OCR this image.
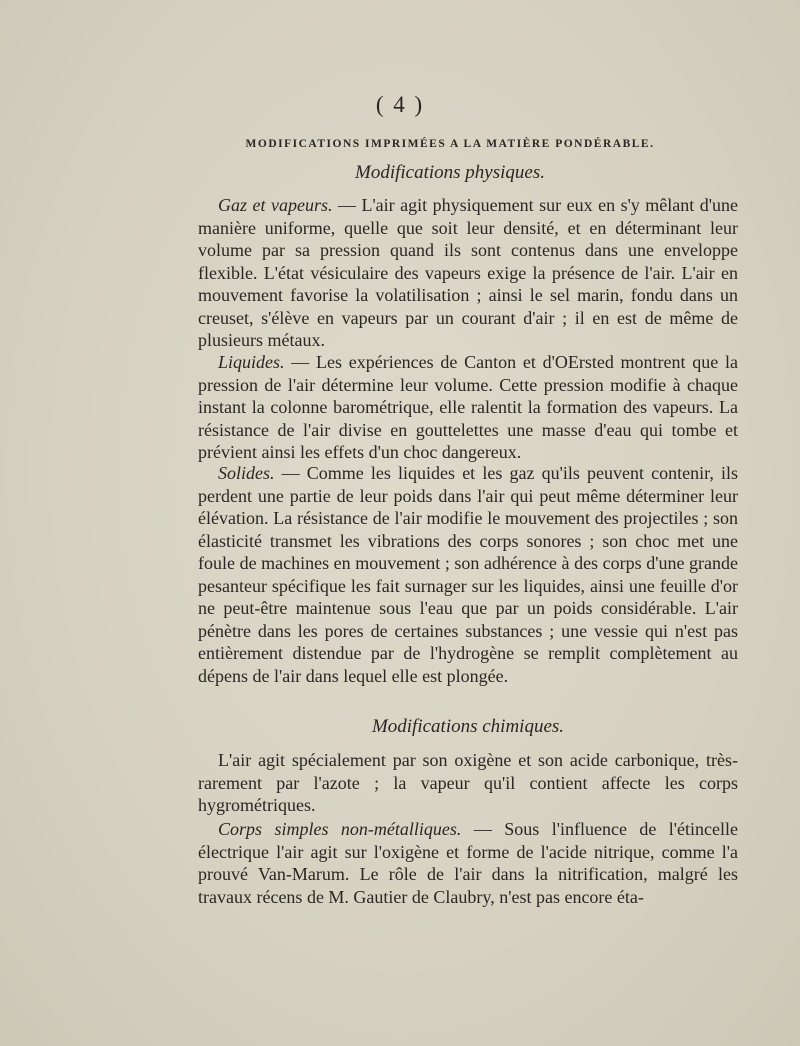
( 4 )
MODIFICATIONS IMPRIMÉES A LA MATIÈRE PONDÉRABLE.
Modifications physiques.

Gaz et vapeurs. — L'air agit physiquement sur eux en s'y mêlant d'une manière uniforme, quelle que soit leur densité, et en déterminant leur volume par sa pression quand ils sont contenus dans une enveloppe flexible. L'état vésiculaire des vapeurs exige la présence de l'air. L'air en mouvement favorise la volatilisation ; ainsi le sel marin, fondu dans un creuset, s'élève en vapeurs par un courant d'air ; il en est de même de plusieurs métaux.

Liquides. — Les expériences de Canton et d'OErsted montrent que la pression de l'air détermine leur volume. Cette pression modifie à chaque instant la colonne barométrique, elle ralentit la formation des vapeurs. La résistance de l'air divise en gouttelettes une masse d'eau qui tombe et prévient ainsi les effets d'un choc dangereux.

Solides. — Comme les liquides et les gaz qu'ils peuvent contenir, ils perdent une partie de leur poids dans l'air qui peut même déterminer leur élévation. La résistance de l'air modifie le mouvement des projectiles ; son élasticité transmet les vibrations des corps sonores ; son choc met une foule de machines en mouvement ; son adhérence à des corps d'une grande pesanteur spécifique les fait surnager sur les liquides, ainsi une feuille d'or ne peut-être maintenue sous l'eau que par un poids considérable. L'air pénètre dans les pores de certaines substances ; une vessie qui n'est pas entièrement distendue par de l'hydrogène se remplit complètement au dépens de l'air dans lequel elle est plongée.

Modifications chimiques.

L'air agit spécialement par son oxigène et son acide carbonique, très-rarement par l'azote ; la vapeur qu'il contient affecte les corps hygrométriques.

Corps simples non-métalliques. — Sous l'influence de l'étincelle électrique l'air agit sur l'oxigène et forme de l'acide nitrique, comme l'a prouvé Van-Marum. Le rôle de l'air dans la nitrification, malgré les travaux récens de M. Gautier de Claubry, n'est pas encore éta-
